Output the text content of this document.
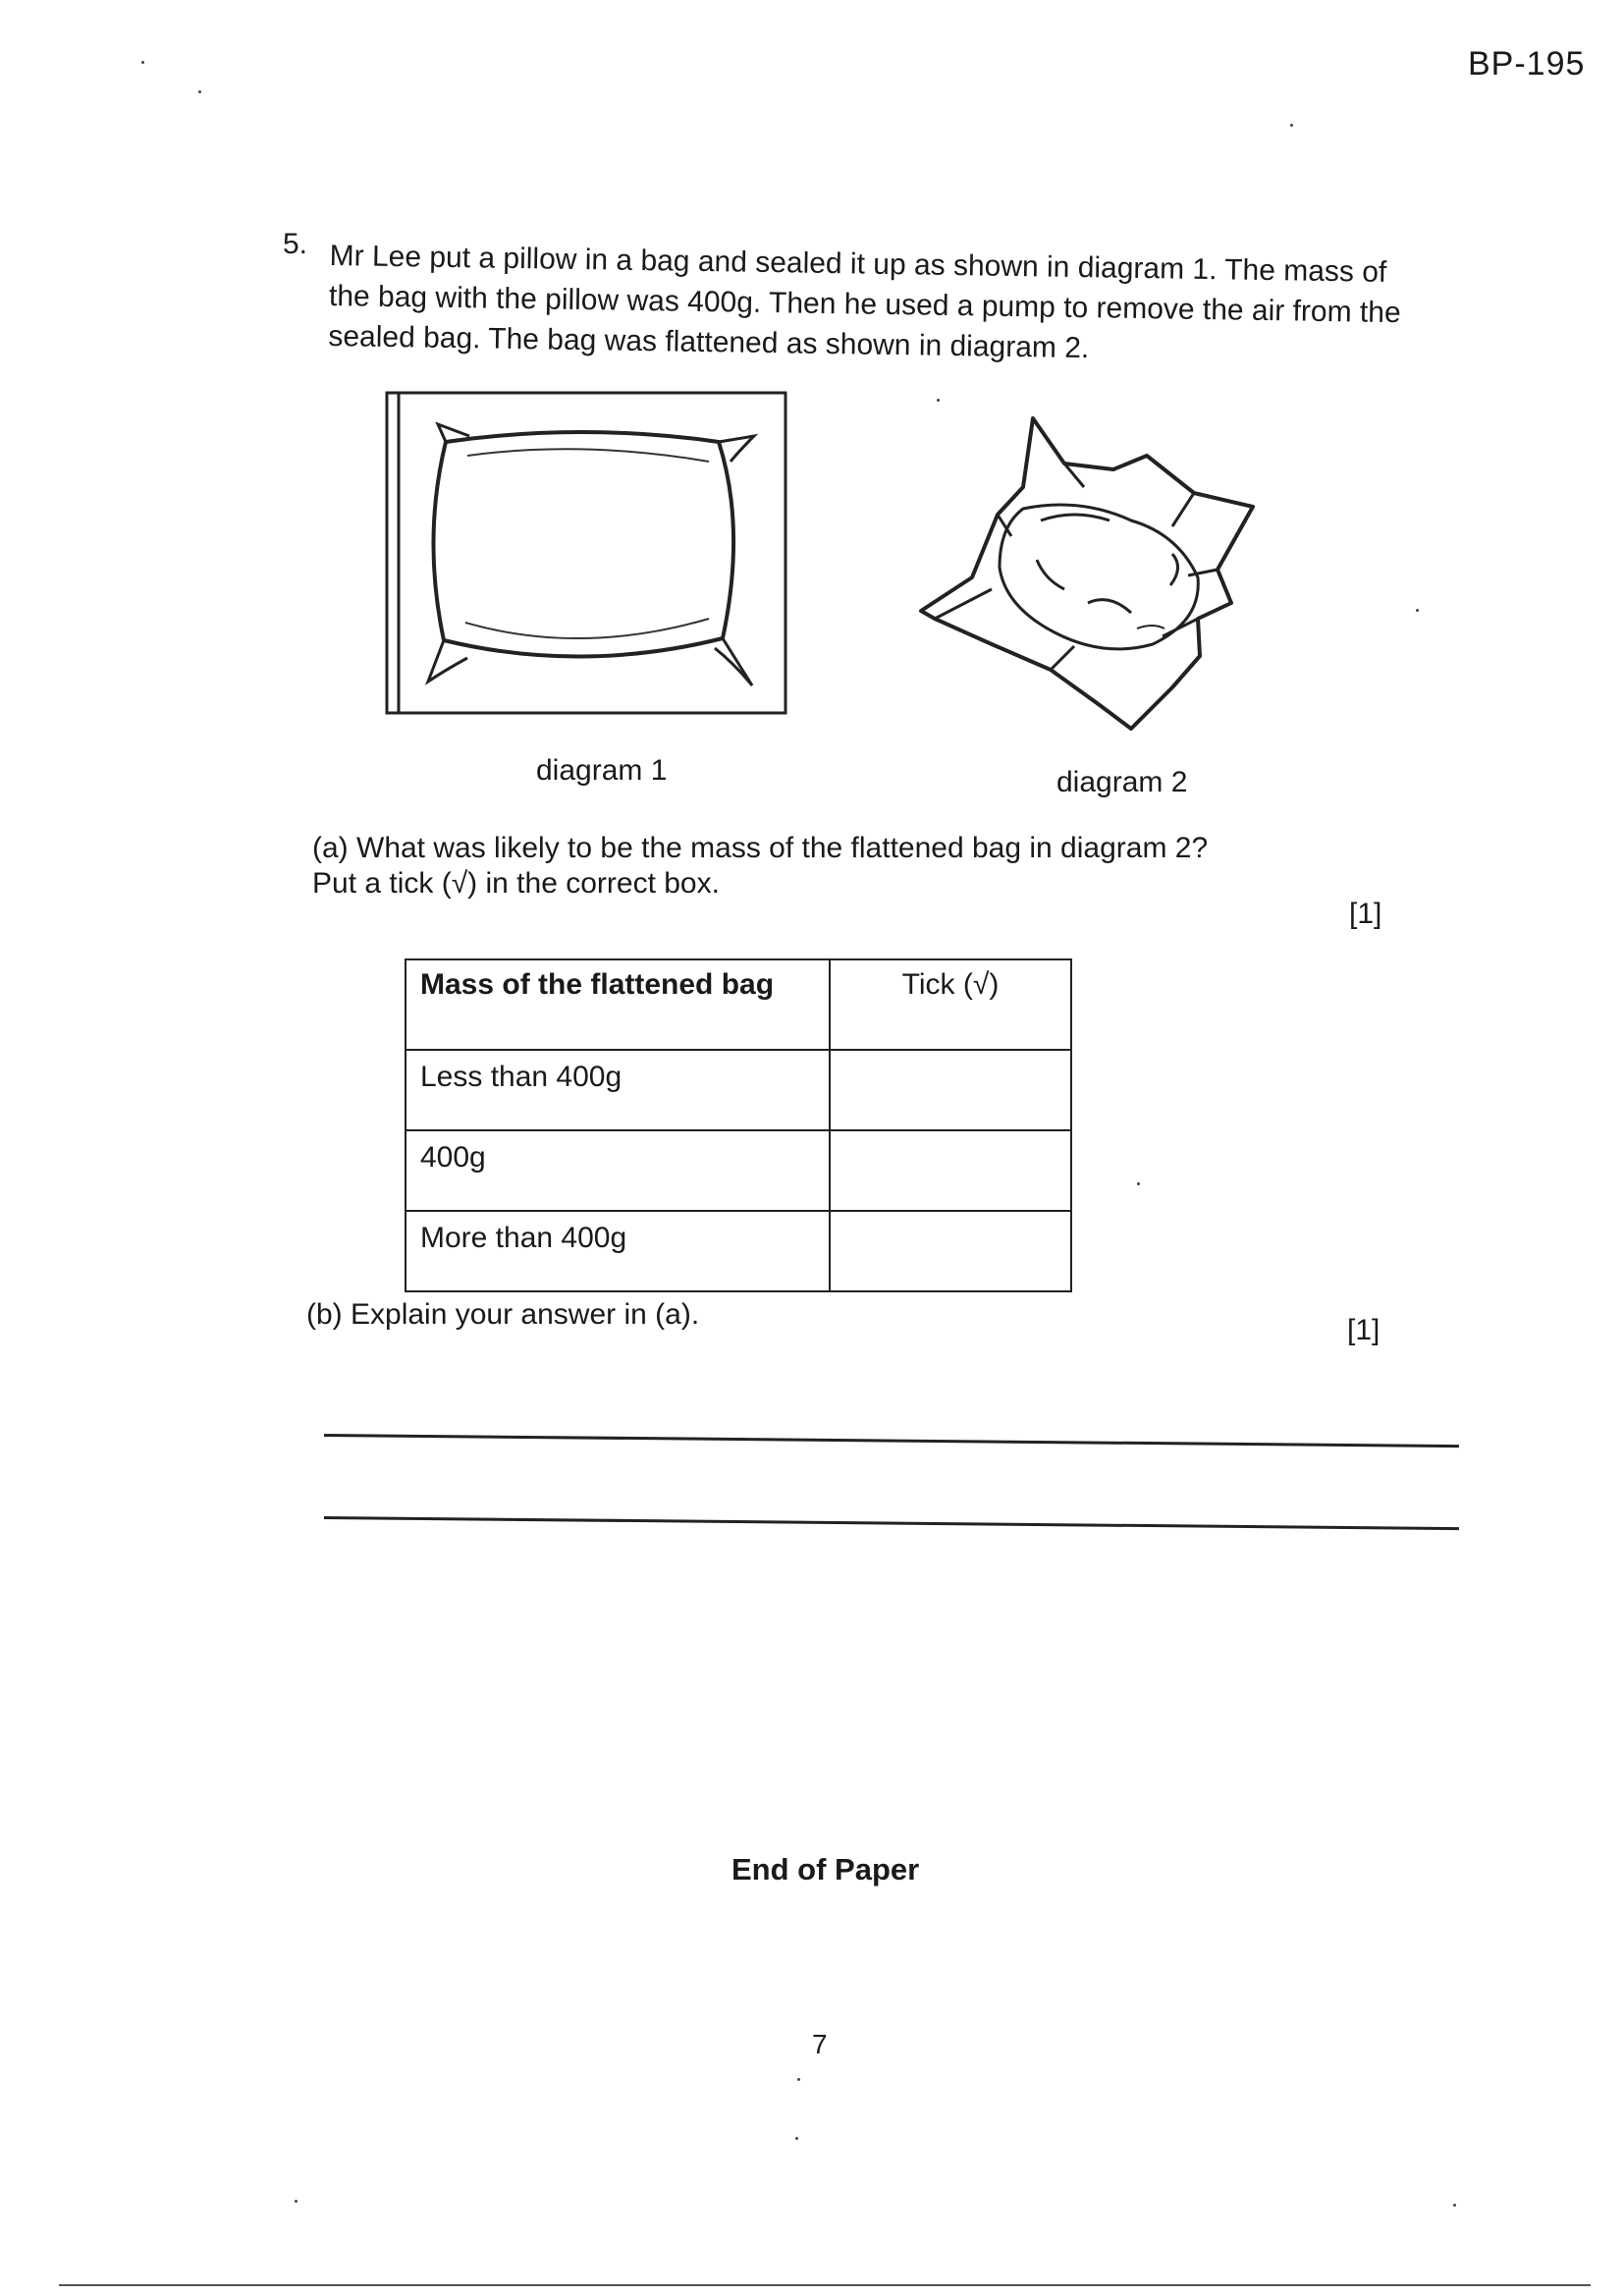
BP-195
5. Mr Lee put a pillow in a bag and sealed it up as shown in diagram 1. The mass of the bag with the pillow was 400g. Then he used a pump to remove the air from the sealed bag. The bag was flattened as shown in diagram 2.
diagram 1	diagram 2
(a) What was likely to be the mass of the flattened bag in diagram 2?
Put a tick (√) in the correct box.
[1]
Mass of the flattened bag	Tick (√)
Less than 400g	
400g	
More than 400g	
(b) Explain your answer in (a).	[1]
End of Paper
7
